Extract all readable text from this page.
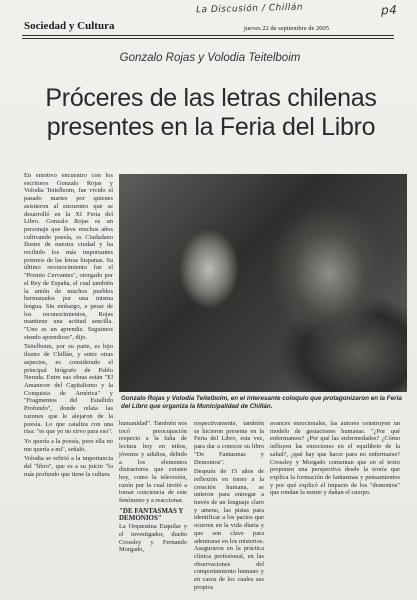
La Discusión / Chillán	p4
Sociedad y Cultura	jueves 22 de septiembre de 2005
Gonzalo Rojas y Volodia Teitelboim
Próceres de las letras chilenas presentes en la Feria del Libro

En emotivo encuentro con los escritores Gonzalo Rojas y Volodia Teitelboim, fue vivido el pasado martes por quienes asistieron al encuentro que se desarrolló en la XI Feria del Libro. Gonzalo Rojas es un personaje que lleva muchos años cultivando poesía, es Ciudadano Ilustre de nuestra ciudad y ha recibido los más importantes premios de las letras hispanas. Su último reconocimiento fue el "Premio Cervantes", otorgado por el Rey de España, el cual también la unión de muchos pueblos hermanados por una misma lengua. Sin embargo, a pesar de los reconocimientos, Rojas mantiene una actitud sencilla. "Uno es un aprendiz. Seguimos siendo aprendices", dijo.

Teitelboim, por su parte, es hijo ilustre de Chillán, y entre otras aspectos, es considerado el principal biógrafo de Pablo Neruda. Entre sus obras están "El Amanecer del Capitalismo y la Conquista de América" y "Fragmentos del Estallido Profundo", donde relata las razones que le alejaron de la poesía. Lo que cataliza con una risa: "es que yo no sirvo para eso".

Yo quería a la poesía, pero ella no me quería a mí", señaló.

Volodia se refirió a la importancia del "libro", que es a su juicio "lo más profundo que tiene la cultura

Gonzalo Rojas y Volodia Teitelboim, en el interesante coloquio que protagonizaron en la Feria del Libro que organiza la Municipalidad de Chillán.

humanidad". También nos tocó preocupación respecto a la falta de lectura hoy en niños, jóvenes y adultos, debido a los elementos distractores que existen hoy, como la televisión, razón por la cual invitó a tomar conciencia de este fenómeno y a reaccionar.

"DE FANTASMAS Y DEMONIOS"

La Orquestina Esquilar y el investigador, dueño Crossley y Fernando Morgado,

respectivamente, también se hicieron presente en la Feria del Libro, esta vez, para dar a conocer su libro "De Fantasmas y Demonios".

Después de 15 años de reflexión en torno a la creación humana, se unieron para entregar a través de un lenguaje claro y ameno, las pistas para identificar a los pactos que ocurren en la vida diaria y que son clave para adentrarse en los misterios. Aseguraron en la práctica clínica profesional, en las observaciones del comportamiento humano y en casos de los cuales sus propios

avances emocionales, las autores construyen un modelo de gestaciones humanas. "¿Por qué enfermamos? ¿Por qué las enfermedades? ¿Cómo influyen las emociones en el equilibrio de la salud?, ¿qué hay que hacer para no enfermarse? Crossley y Morgado comentan que en el texto proponen una perspectiva desde la teoría que explica la formación de fantasmas y pensamientos y por qué explicó el impacto de los "demonios" que rondan la mente y dañan el cuerpo.
